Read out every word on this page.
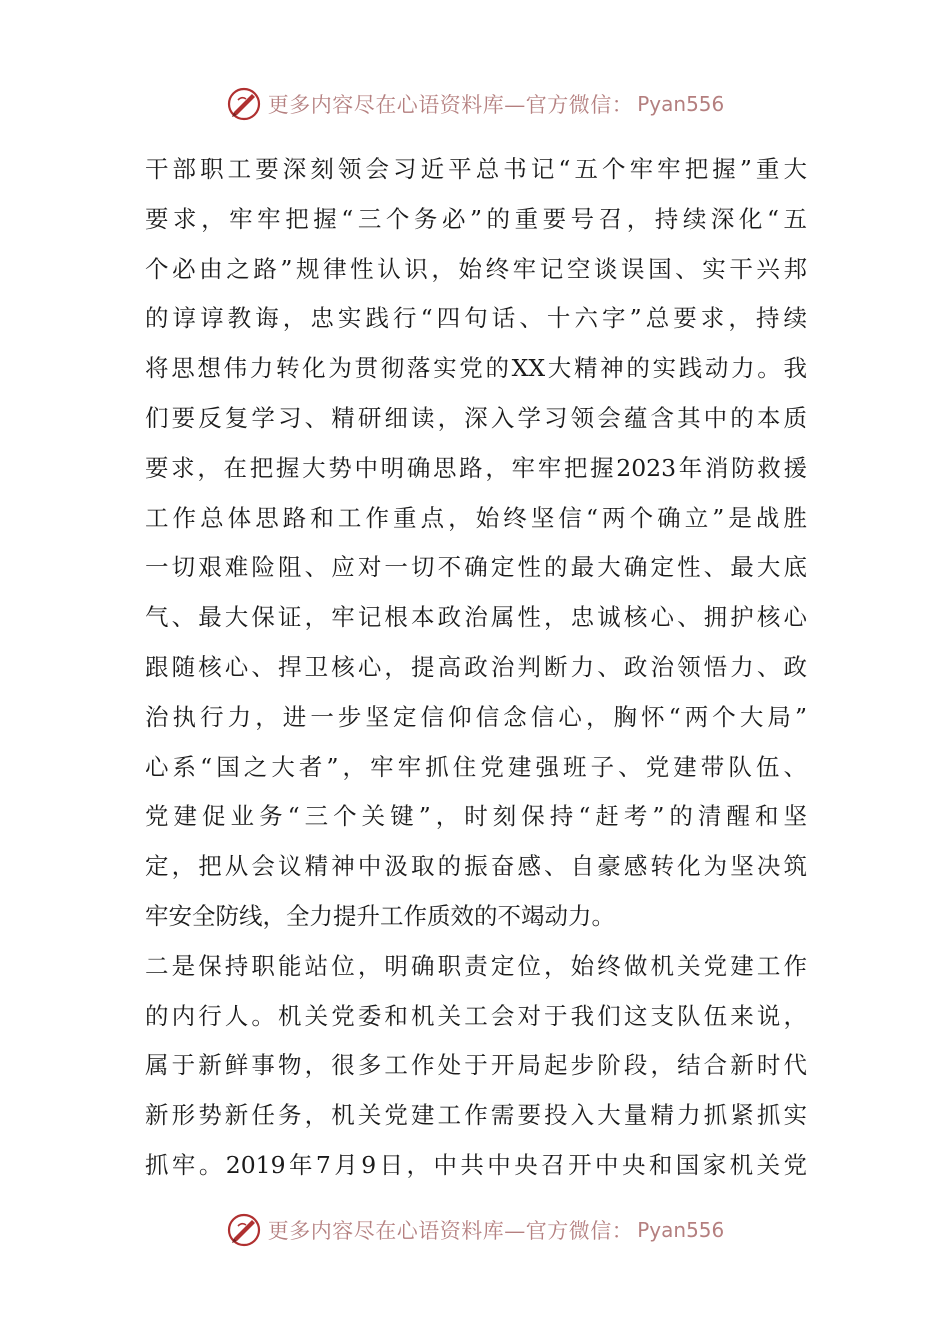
更多内容尽在心语资料库—官方微信： Pyan556
干部职工要深刻领会习近平总书记“五个牢牢把握”重大
要求，牢牢把握“三个务必”的重要号召，持续深化“五
个必由之路”规律性认识，始终牢记空谈误国、实干兴邦
的谆谆教诲，忠实践行“四句话、十六字”总要求，持续
将思想伟力转化为贯彻落实党的XX大精神的实践动力。我
们要反复学习、精研细读，深入学习领会蕴含其中的本质
要求，在把握大势中明确思路，牢牢把握2023年消防救援
工作总体思路和工作重点，始终坚信“两个确立”是战胜
一切艰难险阻、应对一切不确定性的最大确定性、最大底
气、最大保证，牢记根本政治属性，忠诚核心、拥护核心
跟随核心、捍卫核心，提高政治判断力、政治领悟力、政
治执行力，进一步坚定信仰信念信心，胸怀“两个大局”
心系“国之大者”，牢牢抓住党建强班子、党建带队伍、
党建促业务“三个关键”，时刻保持“赶考”的清醒和坚
定，把从会议精神中汲取的振奋感、自豪感转化为坚决筑
牢安全防线，全力提升工作质效的不竭动力。
二是保持职能站位，明确职责定位，始终做机关党建工作
的内行人。机关党委和机关工会对于我们这支队伍来说，
属于新鲜事物，很多工作处于开局起步阶段，结合新时代
新形势新任务，机关党建工作需要投入大量精力抓紧抓实
抓牢。2019年7月9日，中共中央召开中央和国家机关党
更多内容尽在心语资料库—官方微信： Pyan556
